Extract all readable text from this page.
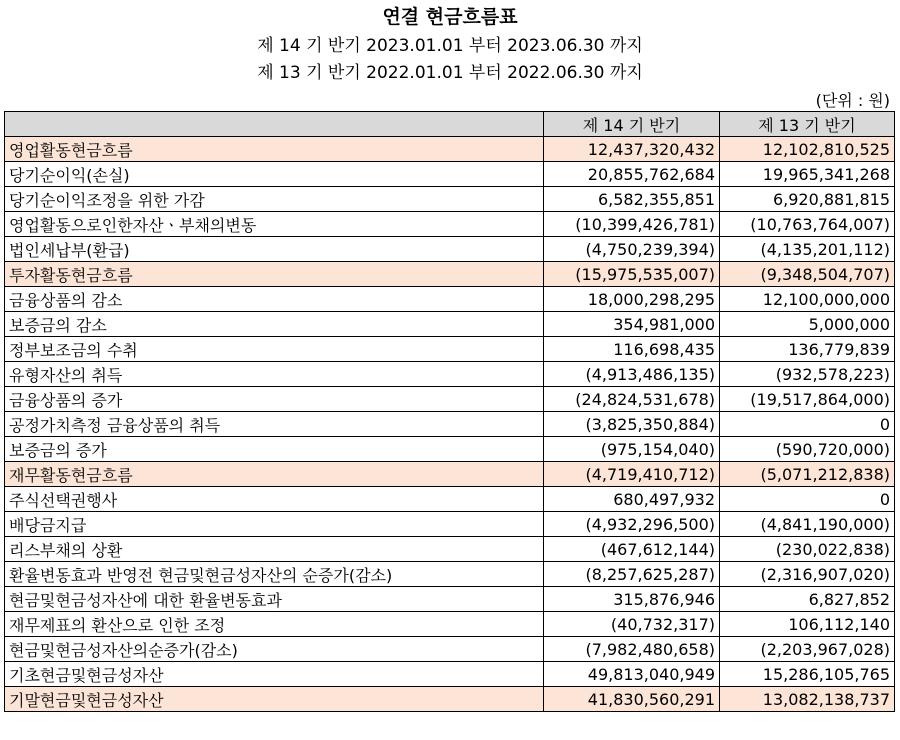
연결 현금흐름표
제 14 기 반기 2023.01.01 부터 2023.06.30 까지
제 13 기 반기 2022.01.01 부터 2022.06.30 까지
(단위 : 원)
	제 14 기 반기	제 13 기 반기
영업활동현금흐름	12,437,320,432	12,102,810,525
당기순이익(손실)	20,855,762,684	19,965,341,268
당기순이익조정을 위한 가감	6,582,355,851	6,920,881,815
영업활동으로인한자산ㆍ부채의변동	(10,399,426,781)	(10,763,764,007)
법인세납부(환급)	(4,750,239,394)	(4,135,201,112)
투자활동현금흐름	(15,975,535,007)	(9,348,504,707)
금융상품의 감소	18,000,298,295	12,100,000,000
보증금의 감소	354,981,000	5,000,000
정부보조금의 수취	116,698,435	136,779,839
유형자산의 취득	(4,913,486,135)	(932,578,223)
금융상품의 증가	(24,824,531,678)	(19,517,864,000)
공정가치측정 금융상품의 취득	(3,825,350,884)	0
보증금의 증가	(975,154,040)	(590,720,000)
재무활동현금흐름	(4,719,410,712)	(5,071,212,838)
주식선택권행사	680,497,932	0
배당금지급	(4,932,296,500)	(4,841,190,000)
리스부채의 상환	(467,612,144)	(230,022,838)
환율변동효과 반영전 현금및현금성자산의 순증가(감소)	(8,257,625,287)	(2,316,907,020)
현금및현금성자산에 대한 환율변동효과	315,876,946	6,827,852
재무제표의 환산으로 인한 조정	(40,732,317)	106,112,140
현금및현금성자산의순증가(감소)	(7,982,480,658)	(2,203,967,028)
기초현금및현금성자산	49,813,040,949	15,286,105,765
기말현금및현금성자산	41,830,560,291	13,082,138,737
